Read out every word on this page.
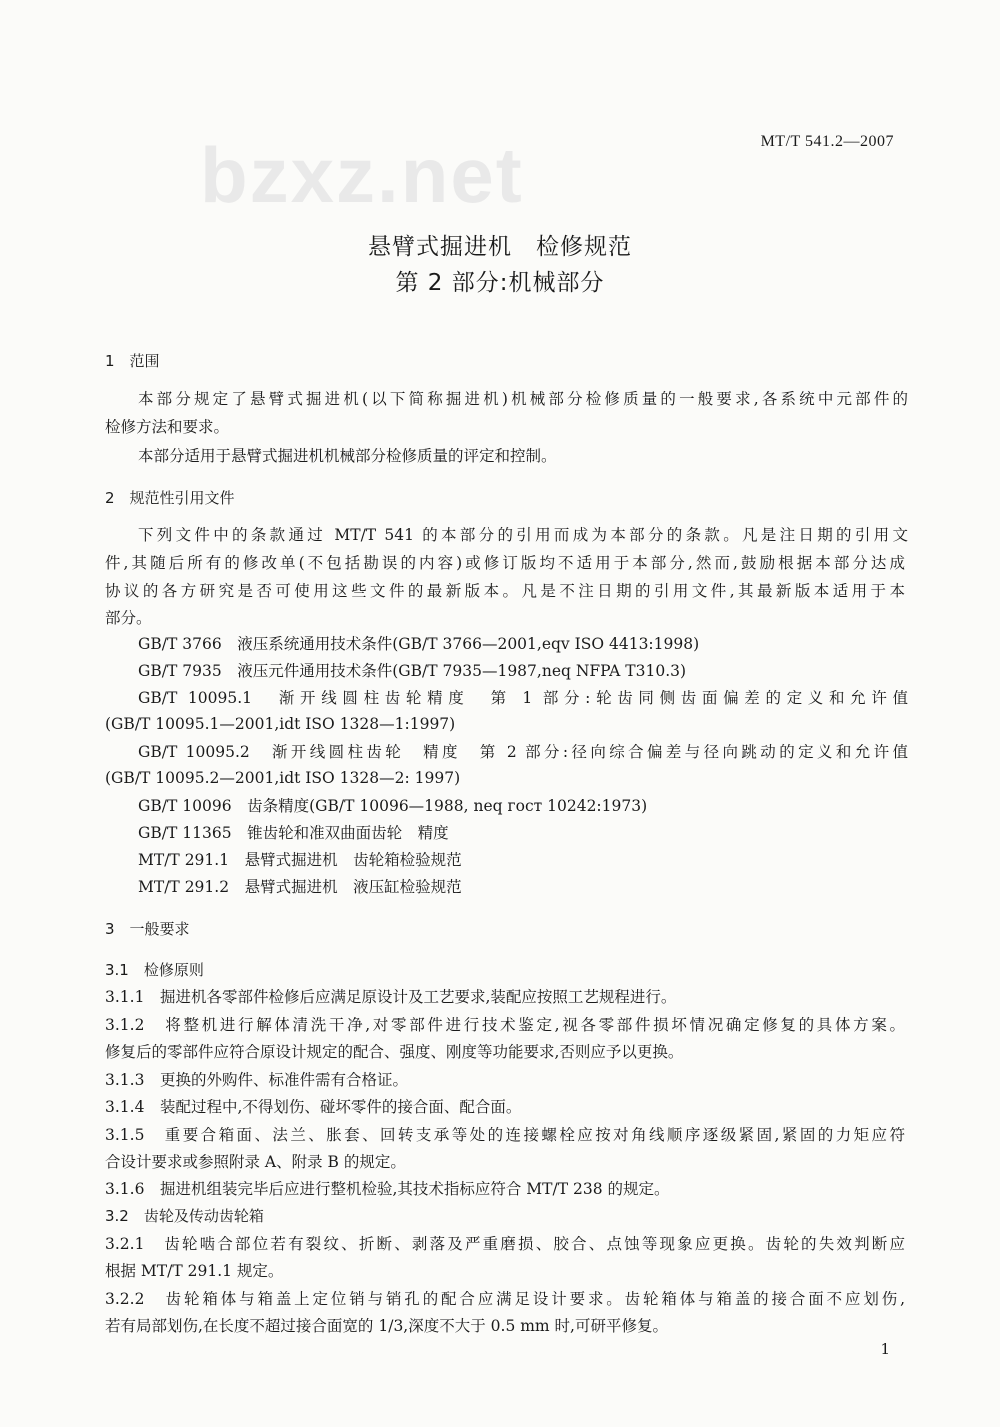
bzxz.net	MT/T 541.2—2007
悬臂式掘进机　检修规范
第 2 部分:机械部分
1　范围
本部分规定了悬臂式掘进机(以下简称掘进机)机械部分检修质量的一般要求,各系统中元部件的
检修方法和要求。
本部分适用于悬臂式掘进机机械部分检修质量的评定和控制。
2　规范性引用文件
下列文件中的条款通过 MT/T 541 的本部分的引用而成为本部分的条款。凡是注日期的引用文
件,其随后所有的修改单(不包括勘误的内容)或修订版均不适用于本部分,然而,鼓励根据本部分达成
协议的各方研究是否可使用这些文件的最新版本。凡是不注日期的引用文件,其最新版本适用于本
部分。
GB/T 3766　液压系统通用技术条件(GB/T 3766—2001,eqv ISO 4413:1998)
GB/T 7935　液压元件通用技术条件(GB/T 7935—1987,neq NFPA T310.3)
GB/T 10095.1　渐开线圆柱齿轮精度　第 1 部分:轮齿同侧齿面偏差的定义和允许值
(GB/T 10095.1—2001,idt ISO 1328—1:1997)
GB/T 10095.2　渐开线圆柱齿轮　精度　第 2 部分:径向综合偏差与径向跳动的定义和允许值
(GB/T 10095.2—2001,idt ISO 1328—2: 1997)
GB/T 10096　齿条精度(GB/T 10096—1988, neq гост 10242:1973)
GB/T 11365　锥齿轮和准双曲面齿轮　精度
MT/T 291.1　悬臂式掘进机　齿轮箱检验规范
MT/T 291.2　悬臂式掘进机　液压缸检验规范
3　一般要求
3.1　检修原则
3.1.1　掘进机各零部件检修后应满足原设计及工艺要求,装配应按照工艺规程进行。
3.1.2　将整机进行解体清洗干净,对零部件进行技术鉴定,视各零部件损坏情况确定修复的具体方案。
修复后的零部件应符合原设计规定的配合、强度、刚度等功能要求,否则应予以更换。
3.1.3　更换的外购件、标准件需有合格证。
3.1.4　装配过程中,不得划伤、碰坏零件的接合面、配合面。
3.1.5　重要合箱面、法兰、胀套、回转支承等处的连接螺栓应按对角线顺序逐级紧固,紧固的力矩应符
合设计要求或参照附录 A、附录 B 的规定。
3.1.6　掘进机组装完毕后应进行整机检验,其技术指标应符合 MT/T 238 的规定。
3.2　齿轮及传动齿轮箱
3.2.1　齿轮啮合部位若有裂纹、折断、剥落及严重磨损、胶合、点蚀等现象应更换。齿轮的失效判断应
根据 MT/T 291.1 规定。
3.2.2　齿轮箱体与箱盖上定位销与销孔的配合应满足设计要求。齿轮箱体与箱盖的接合面不应划伤,
若有局部划伤,在长度不超过接合面宽的 1/3,深度不大于 0.5 mm 时,可研平修复。
1
